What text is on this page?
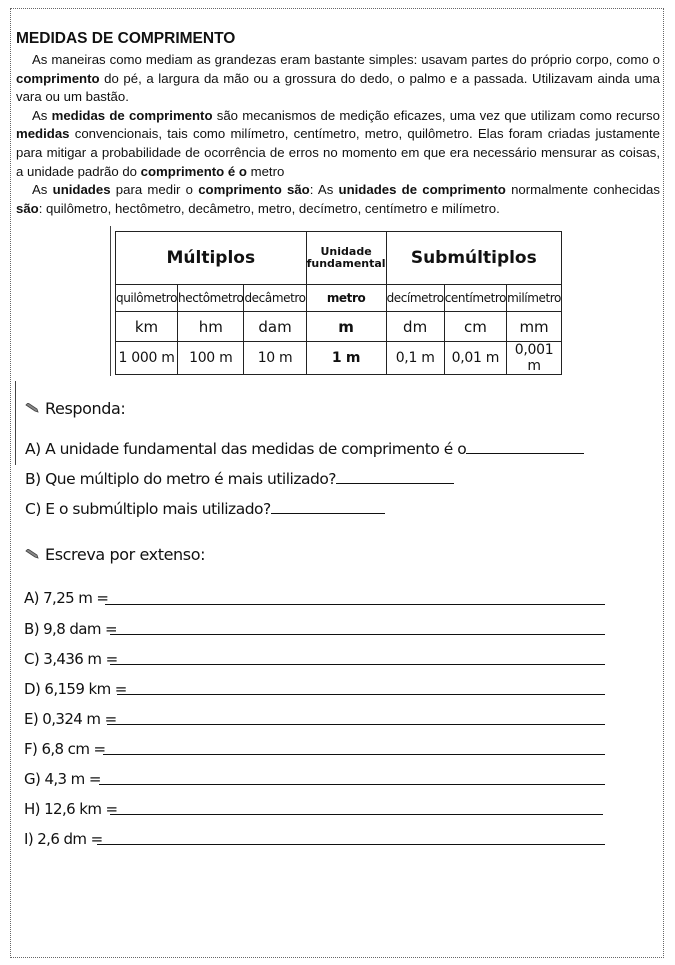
MEDIDAS DE COMPRIMENTO

As maneiras como mediam as grandezas eram bastante simples: usavam partes do próprio corpo, como o comprimento do pé, a largura da mão ou a grossura do dedo, o palmo e a passada. Utilizavam ainda uma vara ou um bastão.

As medidas de comprimento são mecanismos de medição eficazes, uma vez que utilizam como recurso medidas convencionais, tais como milímetro, centímetro, metro, quilômetro. Elas foram criadas justamente para mitigar a probabilidade de ocorrência de erros no momento em que era necessário mensurar as coisas, a unidade padrão do comprimento é o metro

As unidades para medir o comprimento são: As unidades de comprimento normalmente conhecidas são: quilômetro, hectômetro, decâmetro, metro, decímetro, centímetro e milímetro.

Múltiplos			Unidade fundamental	Submúltiplos		
quilômetro	hectômetro	decâmetro	metro	decímetro	centímetro	milímetro
km	hm	dam	m	dm	cm	mm
1 000 m	100 m	10 m	1 m	0,1 m	0,01 m	0,001 m
Responda:
A) A unidade fundamental das medidas de comprimento é o
B) Que múltiplo do metro é mais utilizado?
C) E o submúltiplo mais utilizado?
Escreva por extenso:
A) 7,25 m =
B) 9,8 dam =
C) 3,436 m =
D) 6,159 km =
E) 0,324 m =
F) 6,8 cm =
G) 4,3 m =
H) 12,6 km =
I) 2,6 dm =
